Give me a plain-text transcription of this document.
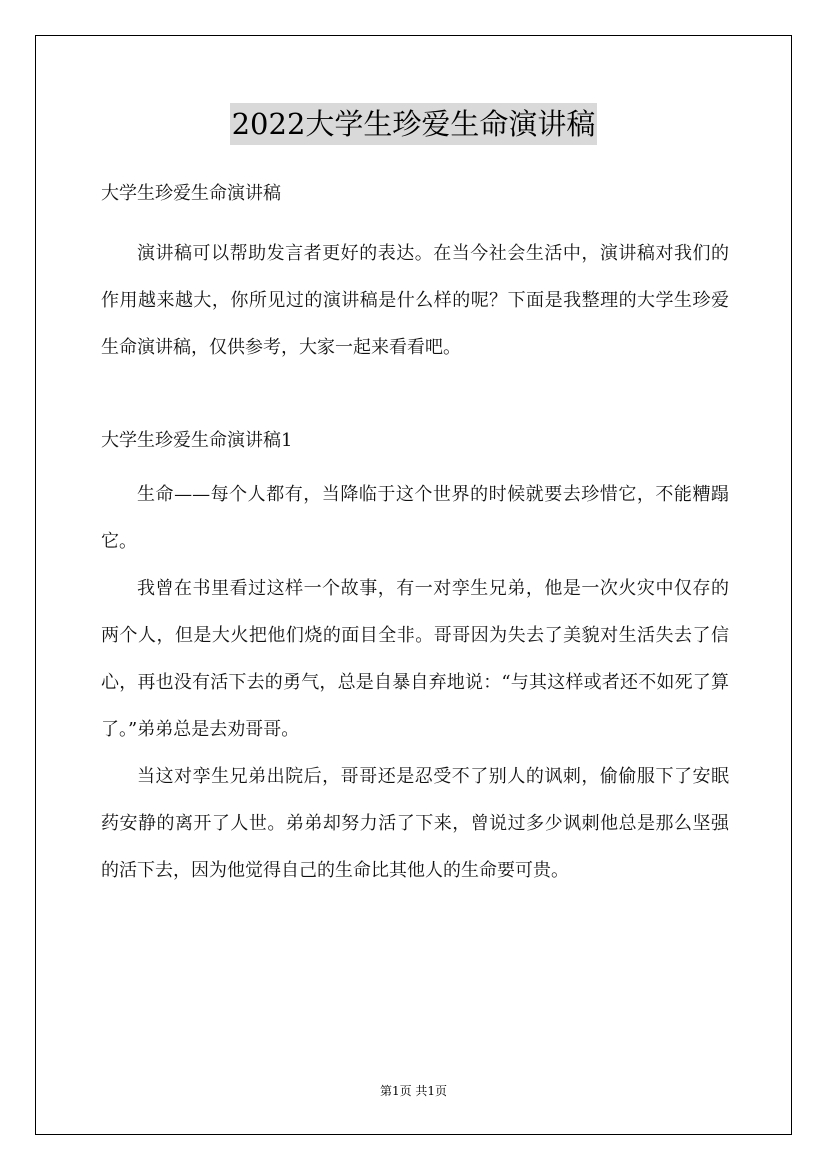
2022大学生珍爱生命演讲稿

大学生珍爱生命演讲稿

演讲稿可以帮助发言者更好的表达。在当今社会生活中，演讲稿对我们的作用越来越大，你所见过的演讲稿是什么样的呢？下面是我整理的大学生珍爱生命演讲稿，仅供参考，大家一起来看看吧。

大学生珍爱生命演讲稿1

生命——每个人都有，当降临于这个世界的时候就要去珍惜它，不能糟蹋它。

我曾在书里看过这样一个故事，有一对孪生兄弟，他是一次火灾中仅存的两个人，但是大火把他们烧的面目全非。哥哥因为失去了美貌对生活失去了信心，再也没有活下去的勇气，总是自暴自弃地说：“与其这样或者还不如死了算了。”弟弟总是去劝哥哥。

当这对孪生兄弟出院后，哥哥还是忍受不了别人的讽刺，偷偷服下了安眠药安静的离开了人世。弟弟却努力活了下来，曾说过多少讽刺他总是那么坚强的活下去，因为他觉得自己的生命比其他人的生命要可贵。

第1页 共1页
